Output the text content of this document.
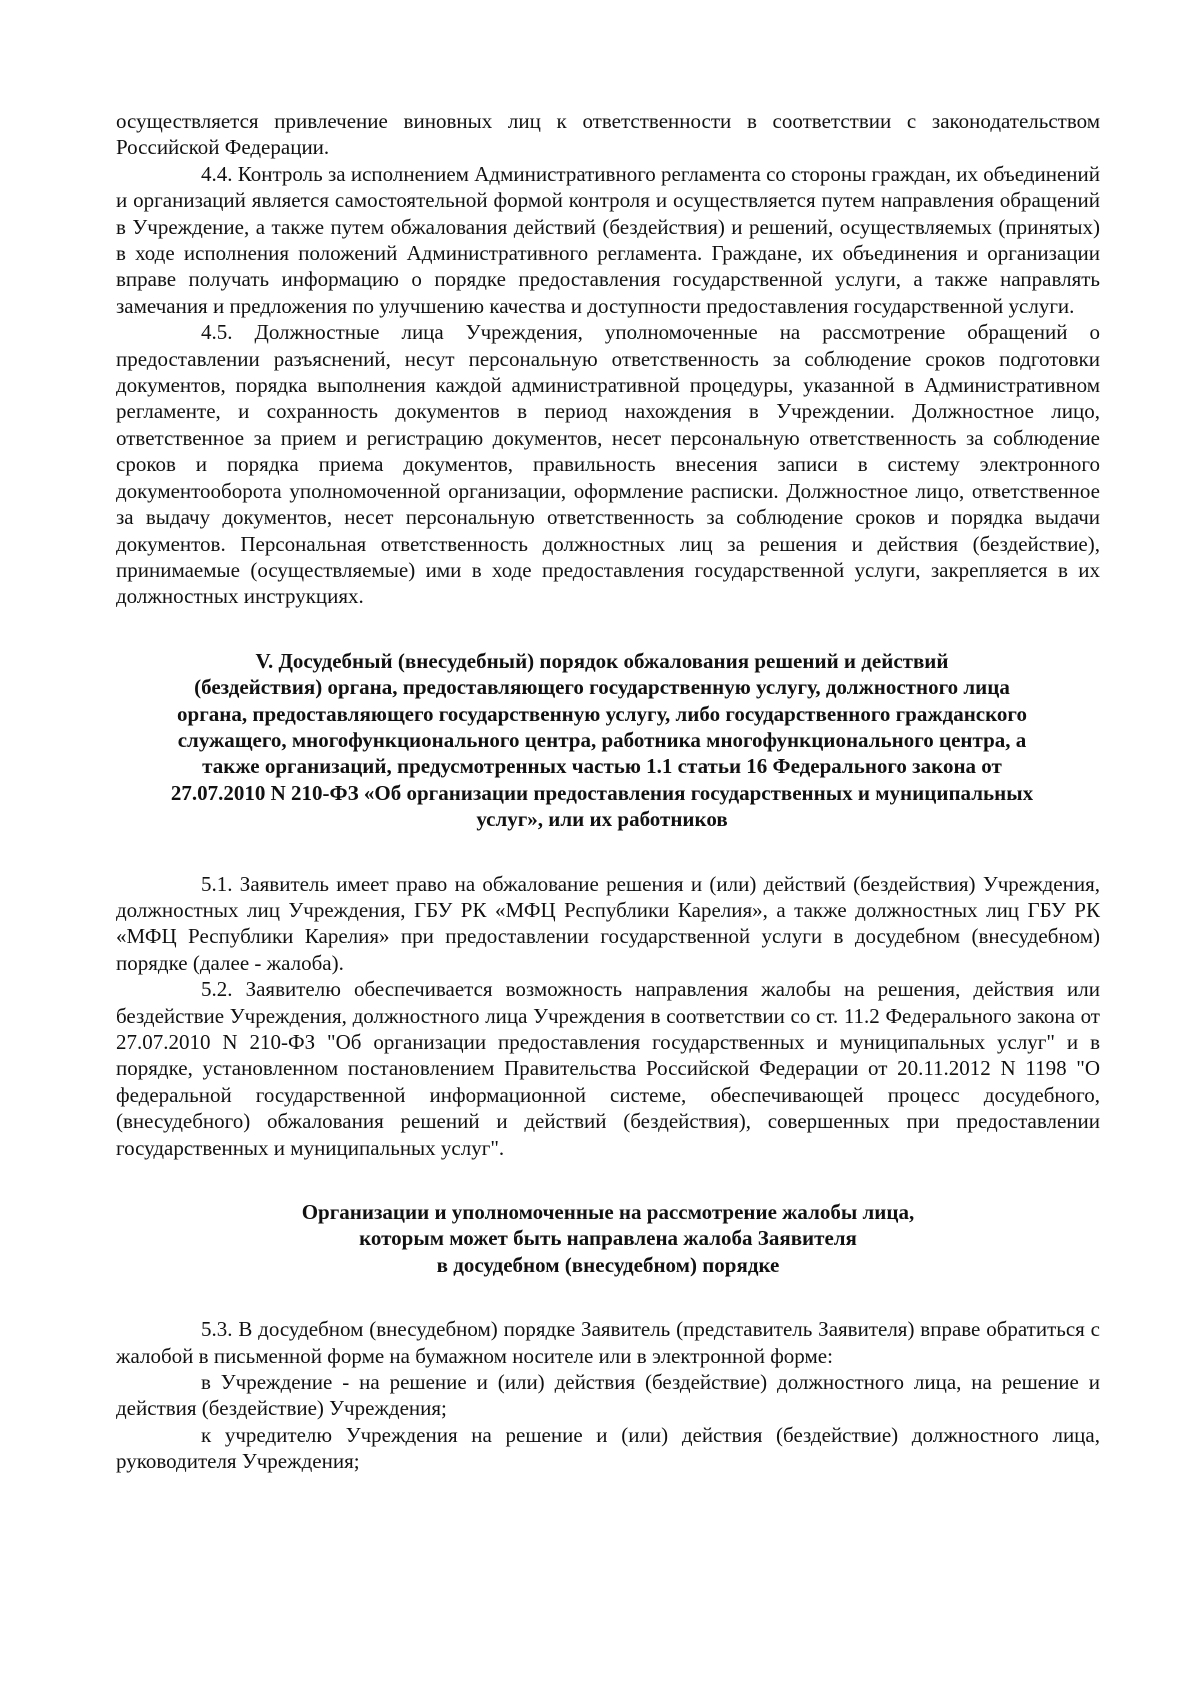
осуществляется привлечение виновных лиц к ответственности в соответствии с законодательством Российской Федерации.

4.4. Контроль за исполнением Административного регламента со стороны граждан, их объединений и организаций является самостоятельной формой контроля и осуществляется путем направления обращений в Учреждение, а также путем обжалования действий (бездействия) и решений, осуществляемых (принятых) в ходе исполнения положений Административного регламента. Граждане, их объединения и организации вправе получать информацию о порядке предоставления государственной услуги, а также направлять замечания и предложения по улучшению качества и доступности предоставления государственной услуги.

4.5. Должностные лица Учреждения, уполномоченные на рассмотрение обращений о предоставлении разъяснений, несут персональную ответственность за соблюдение сроков подготовки документов, порядка выполнения каждой административной процедуры, указанной в Административном регламенте, и сохранность документов в период нахождения в Учреждении. Должностное лицо, ответственное за прием и регистрацию документов, несет персональную ответственность за соблюдение сроков и порядка приема документов, правильность внесения записи в систему электронного документооборота уполномоченной организации, оформление расписки. Должностное лицо, ответственное за выдачу документов, несет персональную ответственность за соблюдение сроков и порядка выдачи документов. Персональная ответственность должностных лиц за решения и действия (бездействие), принимаемые (осуществляемые) ими в ходе предоставления государственной услуги, закрепляется в их должностных инструкциях.

V. Досудебный (внесудебный) порядок обжалования решений и действий
(бездействия) органа, предоставляющего государственную услугу, должностного лица
органа, предоставляющего государственную услугу, либо государственного гражданского
служащего, многофункционального центра, работника многофункционального центра, а
также организаций, предусмотренных частью 1.1 статьи 16 Федерального закона от
27.07.2010 N 210-ФЗ «Об организации предоставления государственных и муниципальных
услуг», или их работников

5.1. Заявитель имеет право на обжалование решения и (или) действий (бездействия) Учреждения, должностных лиц Учреждения, ГБУ РК «МФЦ Республики Карелия», а также должностных лиц ГБУ РК «МФЦ Республики Карелия» при предоставлении государственной услуги в досудебном (внесудебном) порядке (далее - жалоба).

5.2. Заявителю обеспечивается возможность направления жалобы на решения, действия или бездействие Учреждения, должностного лица Учреждения в соответствии со ст. 11.2 Федерального закона от 27.07.2010 N 210-ФЗ "Об организации предоставления государственных и муниципальных услуг" и в порядке, установленном постановлением Правительства Российской Федерации от 20.11.2012 N 1198 "О федеральной государственной информационной системе, обеспечивающей процесс досудебного, (внесудебного) обжалования решений и действий (бездействия), совершенных при предоставлении государственных и муниципальных услуг".

Организации и уполномоченные на рассмотрение жалобы лица,
которым может быть направлена жалоба Заявителя
в досудебном (внесудебном) порядке

5.3. В досудебном (внесудебном) порядке Заявитель (представитель Заявителя) вправе обратиться с жалобой в письменной форме на бумажном носителе или в электронной форме:

в Учреждение - на решение и (или) действия (бездействие) должностного лица, на решение и действия (бездействие) Учреждения;

к учредителю Учреждения на решение и (или) действия (бездействие) должностного лица, руководителя Учреждения;
